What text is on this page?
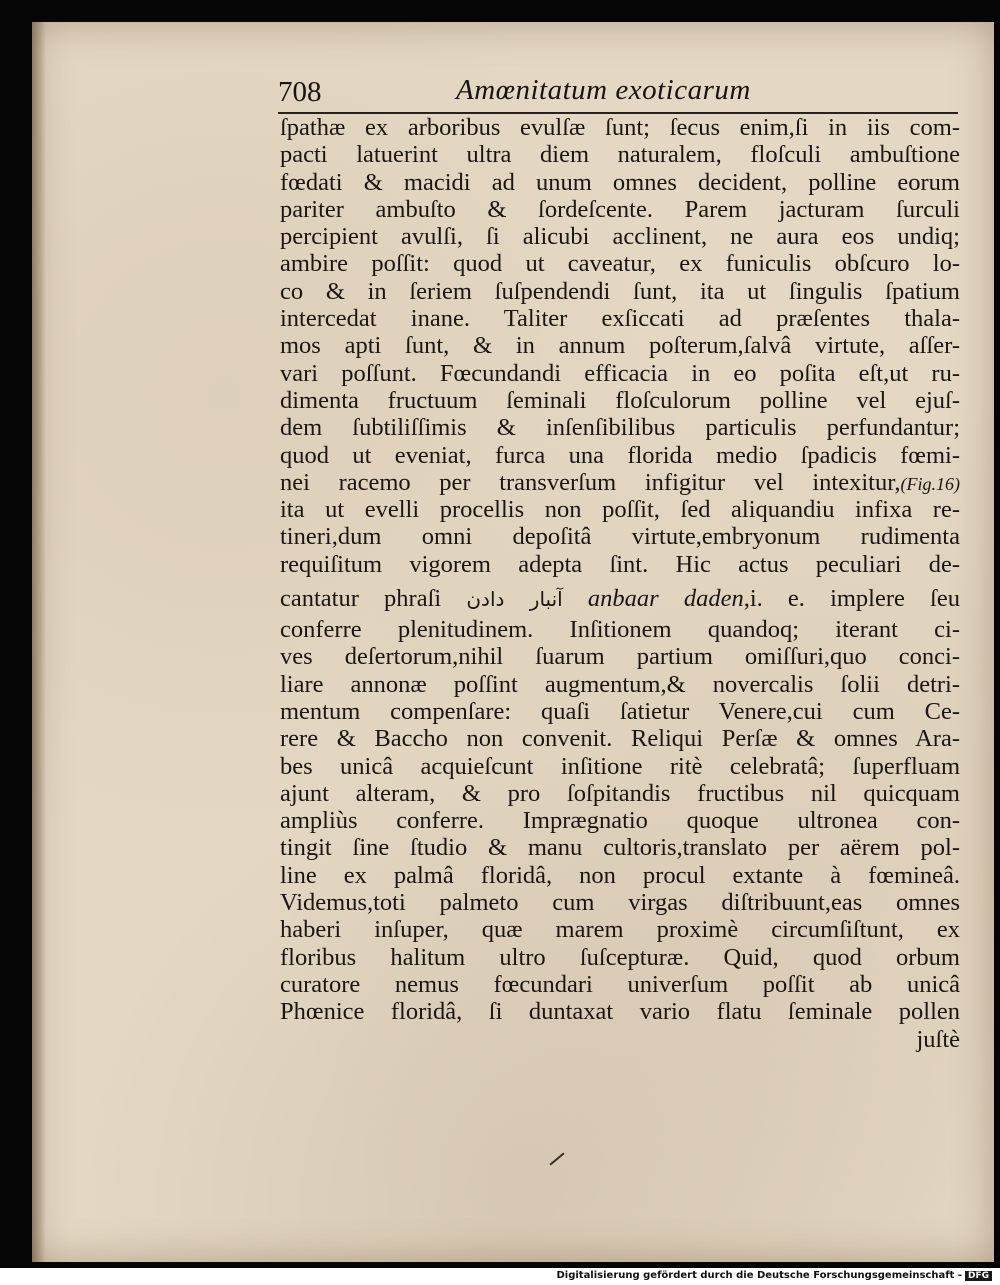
708	Amœnitatum exoticarum
ſpathæ ex arboribus evulſæ ſunt; ſecus enim,ſi in iis com-
pacti latuerint ultra diem naturalem, floſculi ambuſtione
fœdati & macidi ad unum omnes decident, polline eorum
pariter ambuſto & ſordeſcente. Parem jacturam ſurculi
percipient avulſi, ſi alicubi acclinent, ne aura eos undiq;
ambire poſſit: quod ut caveatur, ex funiculis obſcuro lo-
co & in ſeriem ſuſpendendi ſunt, ita ut ſingulis ſpatium
intercedat inane. Taliter exſiccati ad præſentes thala-
mos apti ſunt, & in annum poſterum,ſalvâ virtute, aſſer-
vari poſſunt. Fœcundandi efficacia in eo poſita eſt,ut ru-
dimenta fructuum ſeminali floſculorum polline vel ejuſ-
dem ſubtiliſſimis & inſenſibilibus particulis perfundantur;
quod ut eveniat, furca una florida medio ſpadicis fœmi-
nei racemo per transverſum infigitur vel intexitur,(Fig.16)
ita ut evelli procellis non poſſit, ſed aliquandiu infixa re-
tineri,dum omni depoſitâ virtute,embryonum rudimenta
requiſitum vigorem adepta ſint. Hic actus peculiari de-
cantatur phraſi آنبار دادن anbaar daden,i. e. implere ſeu
conferre plenitudinem. Inſitionem quandoq; iterant ci-
ves deſertorum,nihil ſuarum partium omiſſuri,quo conci-
liare annonæ poſſint augmentum,& novercalis ſolii detri-
mentum compenſare: quaſi ſatietur Venere,cui cum Ce-
rere & Baccho non convenit. Reliqui Perſæ & omnes Ara-
bes unicâ acquieſcunt inſitione ritè celebratâ; ſuperfluam
ajunt alteram, & pro ſoſpitandis fructibus nil quicquam
ampliùs conferre. Imprægnatio quoque ultronea con-
tingit ſine ſtudio & manu cultoris,translato per aërem pol-
line ex palmâ floridâ, non procul extante à fœmineâ.
Videmus,toti palmeto cum virgas diſtribuunt,eas omnes
haberi inſuper, quæ marem proximè circumſiſtunt, ex
floribus halitum ultro ſuſcepturæ. Quid, quod orbum
curatore nemus fœcundari univerſum poſſit ab unicâ
Phœnice floridâ, ſi duntaxat vario flatu ſeminale pollen
juſtè
Digitalisierung gefördert durch die Deutsche Forschungsgemeinschaft - DFG
